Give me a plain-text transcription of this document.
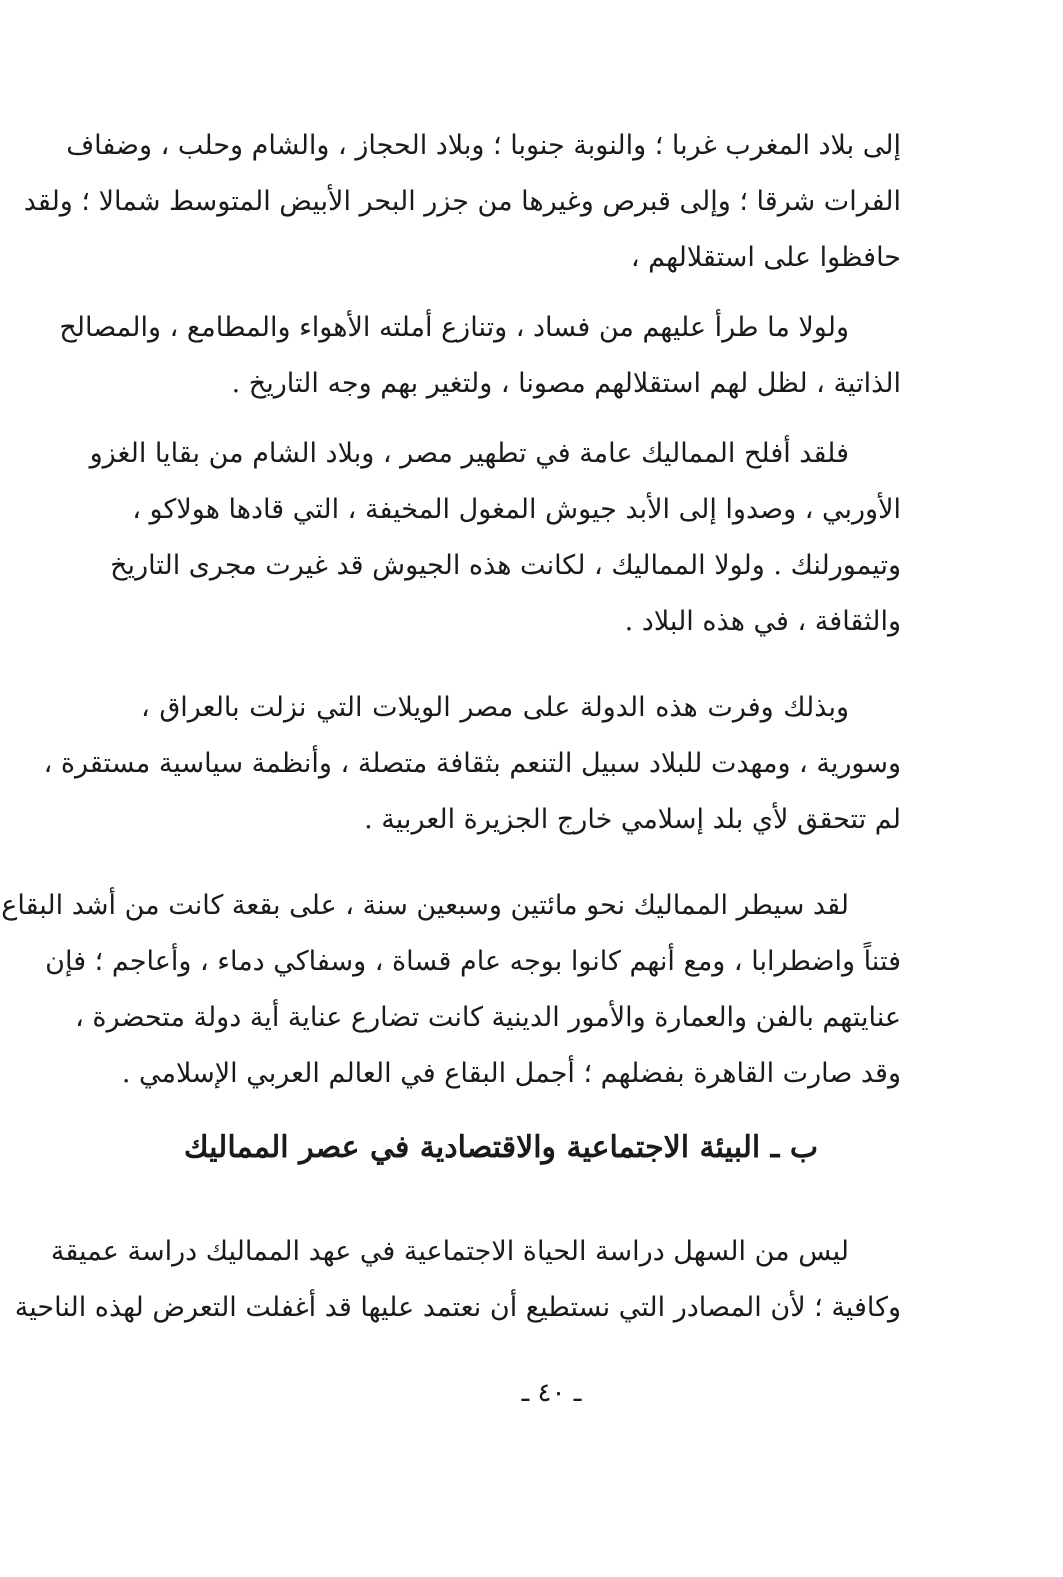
إلى بلاد المغرب غربا ؛ والنوبة جنوبا ؛ وبلاد الحجاز ، والشام وحلب ، وضفاف
الفرات شرقا ؛ وإلى قبرص وغيرها من جزر البحر الأبيض المتوسط شمالا ؛ ولقد
حافظوا على استقلالهم ،
ولولا ما طرأ عليهم من فساد ، وتنازع أملته الأهواء والمطامع ، والمصالح
الذاتية ، لظل لهم استقلالهم مصونا ، ولتغير بهم وجه التاريخ .
فلقد أفلح المماليك عامة في تطهير مصر ، وبلاد الشام من بقايا الغزو
الأوربي ، وصدوا إلى الأبد جيوش المغول المخيفة ، التي قادها هولاكو ،
وتيمورلنك . ولولا المماليك ، لكانت هذه الجيوش قد غيرت مجرى التاريخ
والثقافة ، في هذه البلاد .
وبذلك وفرت هذه الدولة على مصر الويلات التي نزلت بالعراق ،
وسورية ، ومهدت للبلاد سبيل التنعم بثقافة متصلة ، وأنظمة سياسية مستقرة ،
لم تتحقق لأي بلد إسلامي خارج الجزيرة العربية .
لقد سيطر المماليك نحو مائتين وسبعين سنة ، على بقعة كانت من أشد البقاع
فتناً واضطرابا ، ومع أنهم كانوا بوجه عام قساة ، وسفاكي دماء ، وأعاجم ؛ فإن
عنايتهم بالفن والعمارة والأمور الدينية كانت تضارع عناية أية دولة متحضرة ،
وقد صارت القاهرة بفضلهم ؛ أجمل البقاع في العالم العربي الإسلامي .
ب ـ البيئة الاجتماعية والاقتصادية في عصر المماليك
ليس من السهل دراسة الحياة الاجتماعية في عهد المماليك دراسة عميقة
وكافية ؛ لأن المصادر التي نستطيع أن نعتمد عليها قد أغفلت التعرض لهذه الناحية
ـ ٤٠ ـ
